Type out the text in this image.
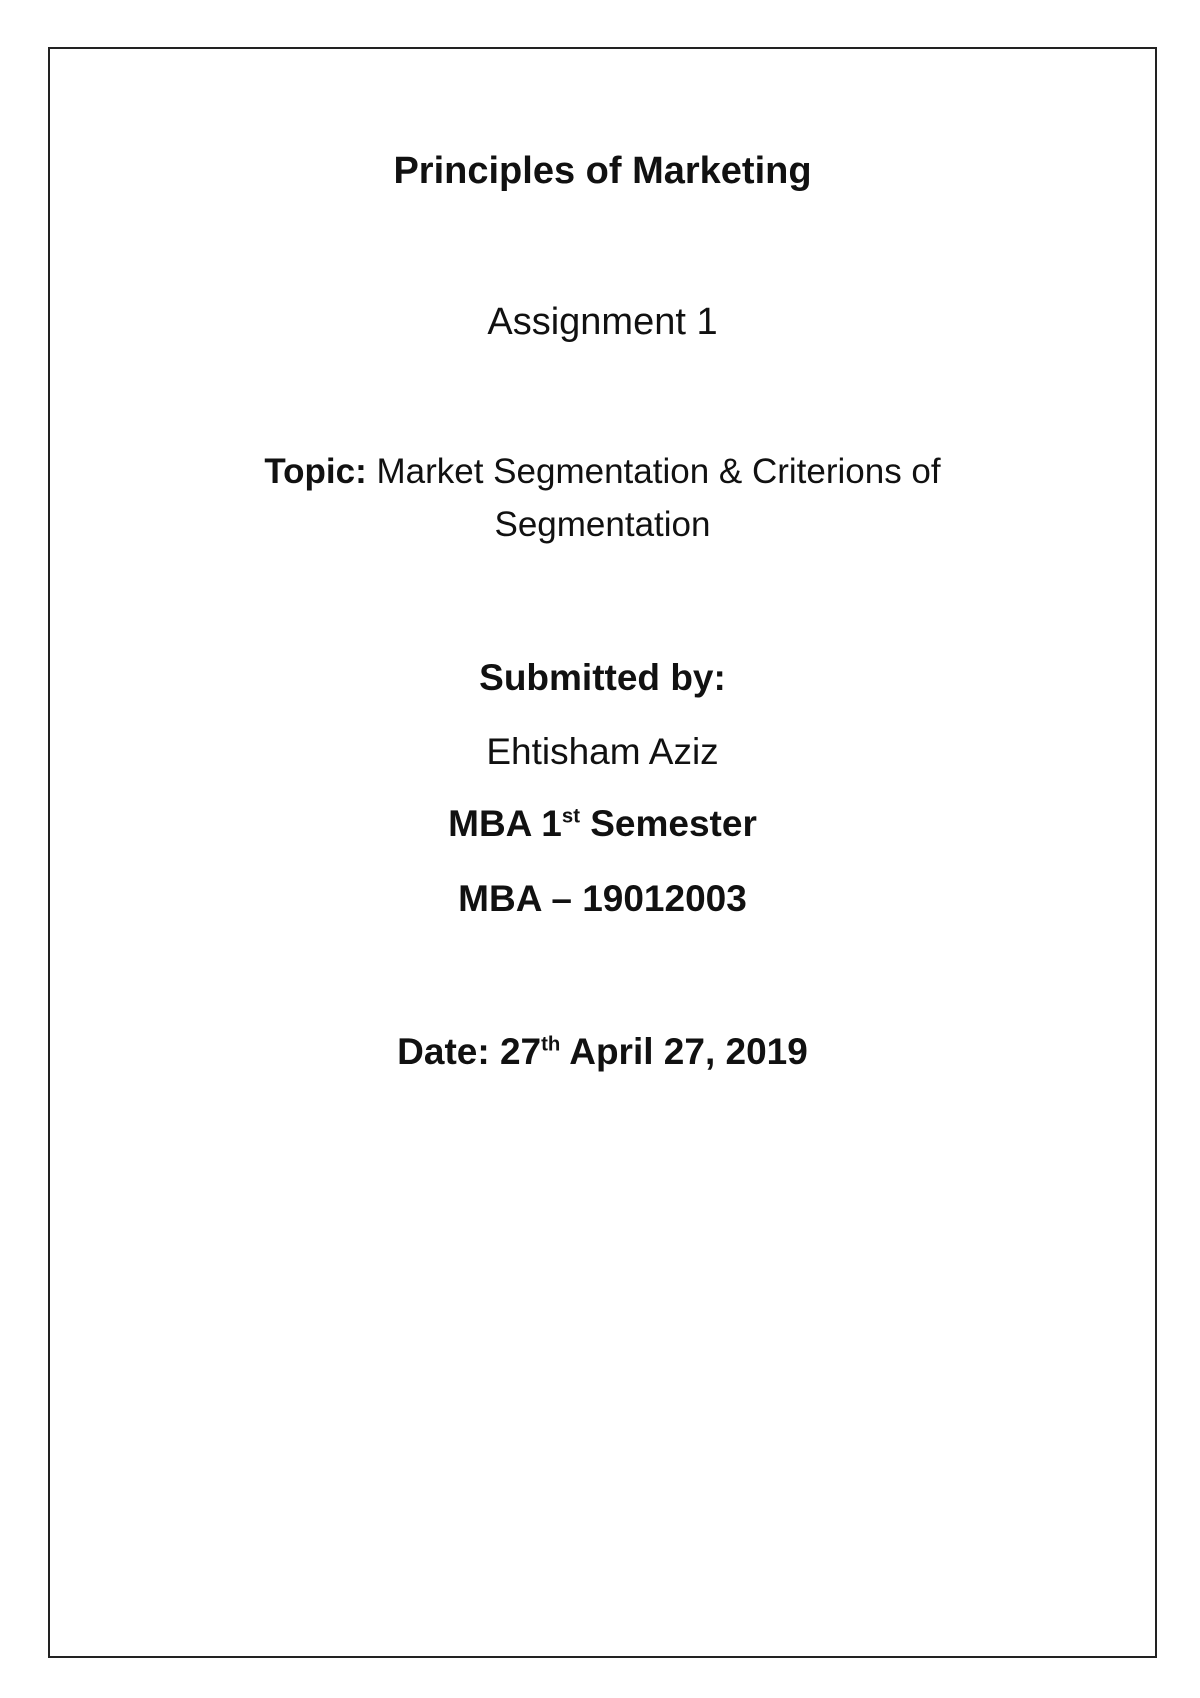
Principles of Marketing
Assignment 1
Topic: Market Segmentation & Criterions of
Segmentation
Submitted by:
Ehtisham Aziz
MBA 1st Semester
MBA – 19012003
Date: 27th April 27, 2019
